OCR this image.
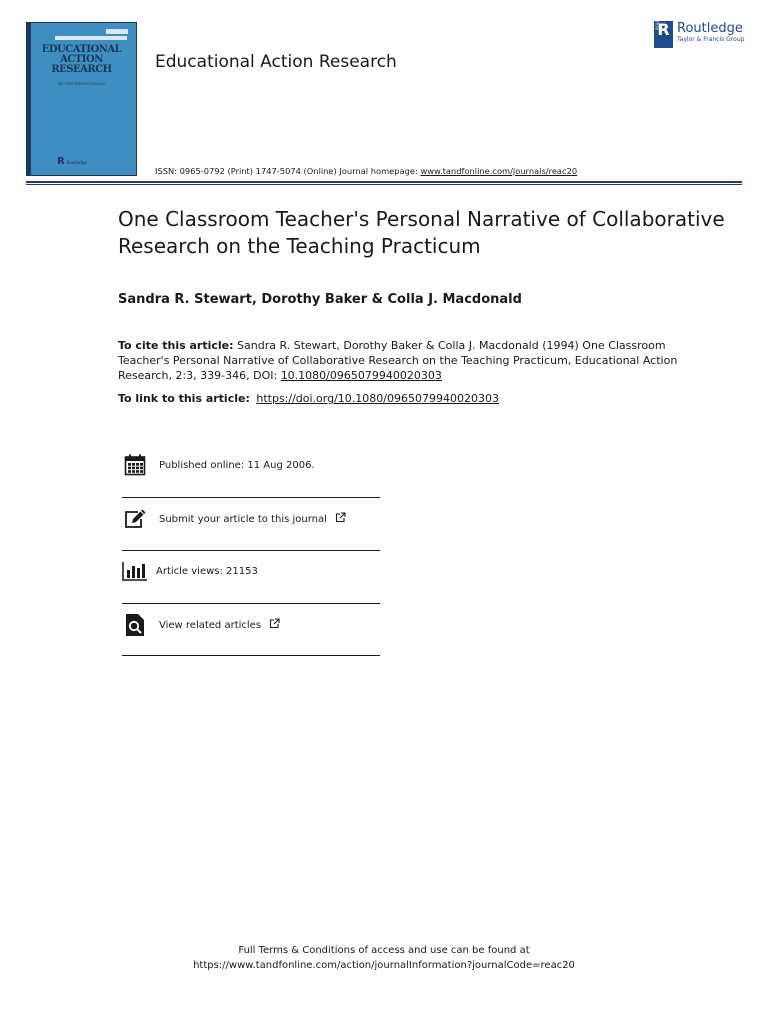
EDUCATIONAL ACTION RESEARCH
an international journal
R Routledge
Educational Action Research
R
ROUTLEDGE Routledge
Taylor & Francis Group
ISSN: 0965-0792 (Print) 1747-5074 (Online) Journal homepage: www.tandfonline.com/journals/reac20
One Classroom Teacher's Personal Narrative of Collaborative Research on the Teaching Practicum
Sandra R. Stewart, Dorothy Baker & Colla J. Macdonald
To cite this article: Sandra R. Stewart, Dorothy Baker & Colla J. Macdonald (1994) One Classroom Teacher's Personal Narrative of Collaborative Research on the Teaching Practicum, Educational Action Research, 2:3, 339-346, DOI: 10.1080/0965079940020303
To link to this article: https://doi.org/10.1080/0965079940020303
Published online: 11 Aug 2006.
Submit your article to this journal
Article views: 21153
View related articles
Full Terms & Conditions of access and use can be found at
https://www.tandfonline.com/action/journalInformation?journalCode=reac20
